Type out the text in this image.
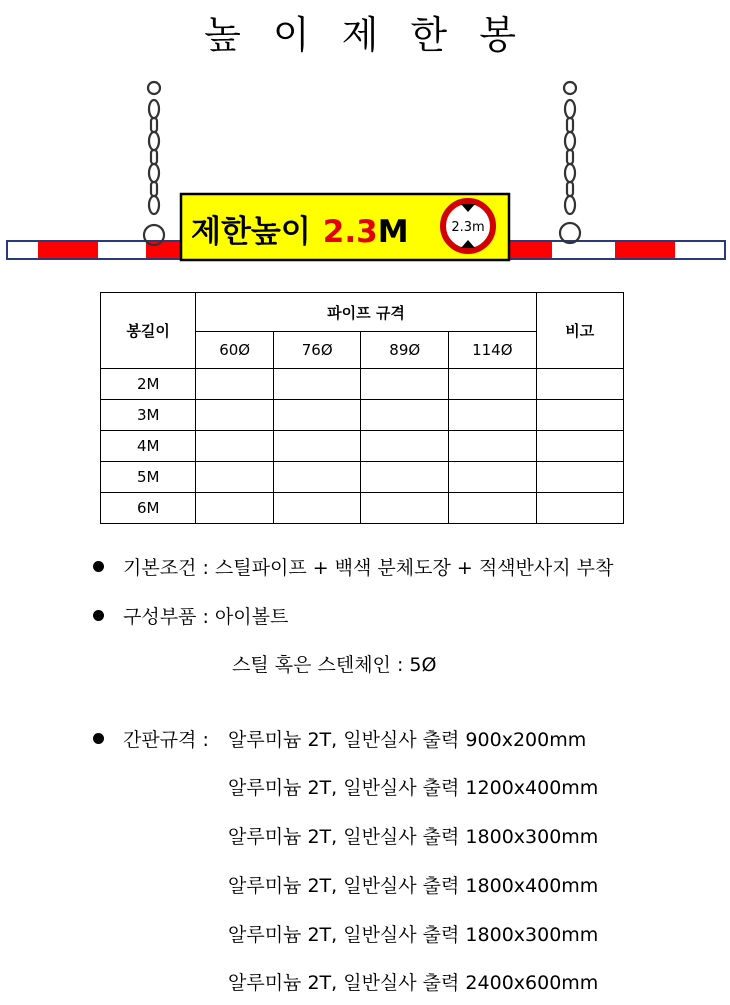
높 이 제 한 봉
제한높이 2.3M	2.3m
봉길이	파이프 규격				비고
	60Ø	76Ø	89Ø	114Ø	
2M					
3M					
4M					
5M					
6M					
기본조건 : 스틸파이프 + 백색 분체도장 + 적색반사지 부착
구성부품 : 아이볼트
스틸 혹은 스텐체인 : 5Ø
간판규격 : 알루미늄 2T, 일반실사 출력 900x200mm
알루미늄 2T, 일반실사 출력 1200x400mm
알루미늄 2T, 일반실사 출력 1800x300mm
알루미늄 2T, 일반실사 출력 1800x400mm
알루미늄 2T, 일반실사 출력 1800x300mm
알루미늄 2T, 일반실사 출력 2400x600mm
